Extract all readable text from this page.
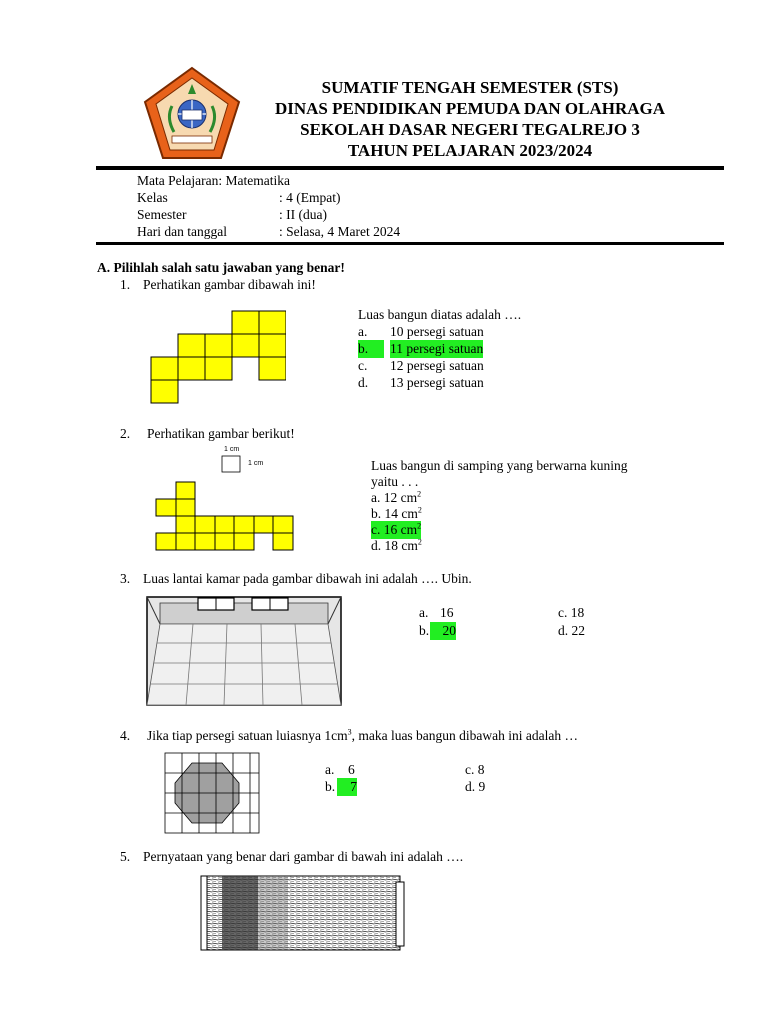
SUMATIF TENGAH SEMESTER (STS)
DINAS PENDIDIKAN PEMUDA DAN OLAHRAGA
SEKOLAH DASAR NEGERI TEGALREJO 3
TAHUN PELAJARAN 2023/2024
Mata Pelajaran: Matematika
Kelas	: 4 (Empat)
Semester	: II (dua)
Hari dan tanggal	: Selasa, 4 Maret 2024
A. Pilihlah salah satu jawaban yang benar!
1. Perhatikan gambar dibawah ini!
Luas bangun diatas adalah ….
a. 10 persegi satuan
b.	11 persegi satuan
c. 12 persegi satuan
d. 13 persegi satuan
2. Perhatikan gambar berikut!
1 cm
1 cm	Luas bangun di samping yang berwarna kuning
yaitu . . .
a. 12 $cm^2$
b. 14 $cm^2$
c. 16 $cm^2$
d. 18 $cm^2$
3. Luas lantai kamar pada gambar dibawah ini adalah …. Ubin.
a. 16
b. 20
c. 18
d. 22
4. Jika tiap persegi satuan luiasnya $1cm^3$, maka luas bangun dibawah ini adalah …
a. 6
b.	7
c. 8
d. 9
5. Pernyataan yang benar dari gambar di bawah ini adalah ….
